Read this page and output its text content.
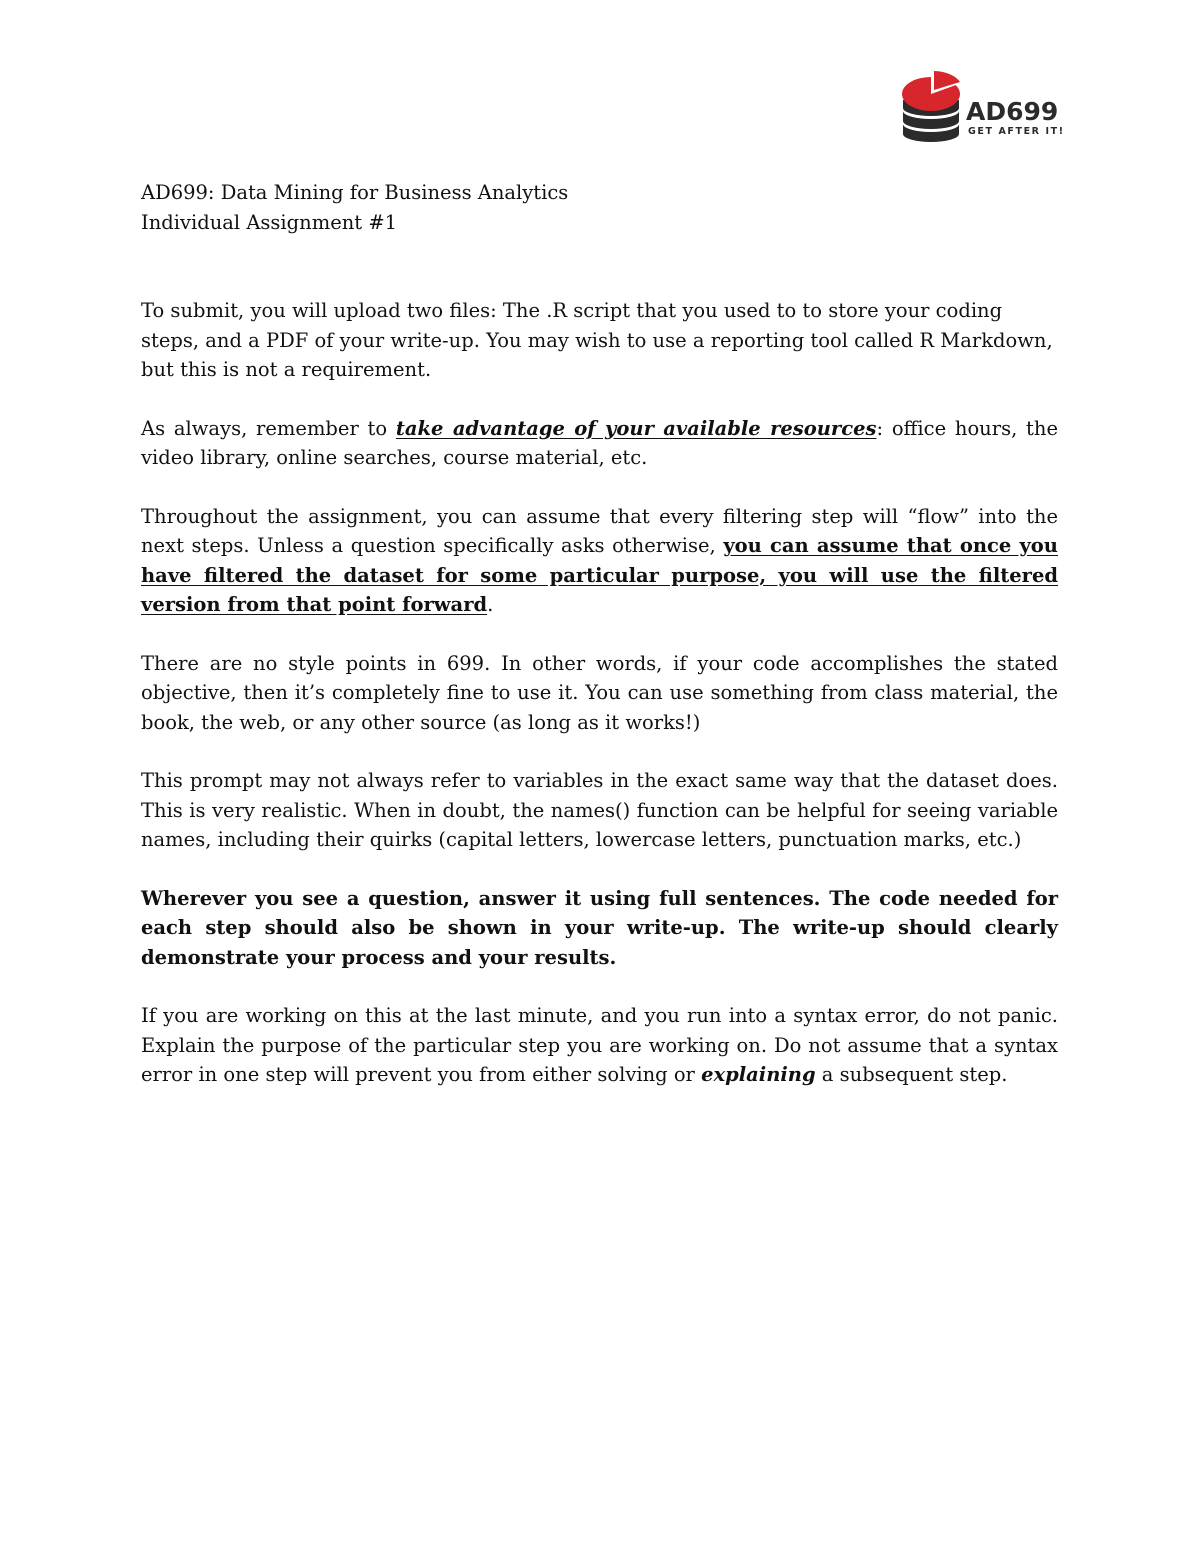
AD699
GET AFTER IT!
AD699: Data Mining for Business Analytics
Individual Assignment #1

To submit, you will upload two files: The .R script that you used to to store your coding steps, and a PDF of your write-up. You may wish to use a reporting tool called R Markdown, but this is not a requirement.

As always, remember to take advantage of your available resources: office hours, the video library, online searches, course material, etc.

Throughout the assignment, you can assume that every filtering step will “flow” into the next steps. Unless a question specifically asks otherwise, you can assume that once you have filtered the dataset for some particular purpose, you will use the filtered version from that point forward.

There are no style points in 699. In other words, if your code accomplishes the stated objective, then it’s completely fine to use it. You can use something from class material, the book, the web, or any other source (as long as it works!)

This prompt may not always refer to variables in the exact same way that the dataset does. This is very realistic. When in doubt, the names() function can be helpful for seeing variable names, including their quirks (capital letters, lowercase letters, punctuation marks, etc.)

Wherever you see a question, answer it using full sentences. The code needed for each step should also be shown in your write-up. The write-up should clearly demonstrate your process and your results.

If you are working on this at the last minute, and you run into a syntax error, do not panic. Explain the purpose of the particular step you are working on. Do not assume that a syntax error in one step will prevent you from either solving or explaining a subsequent step.
